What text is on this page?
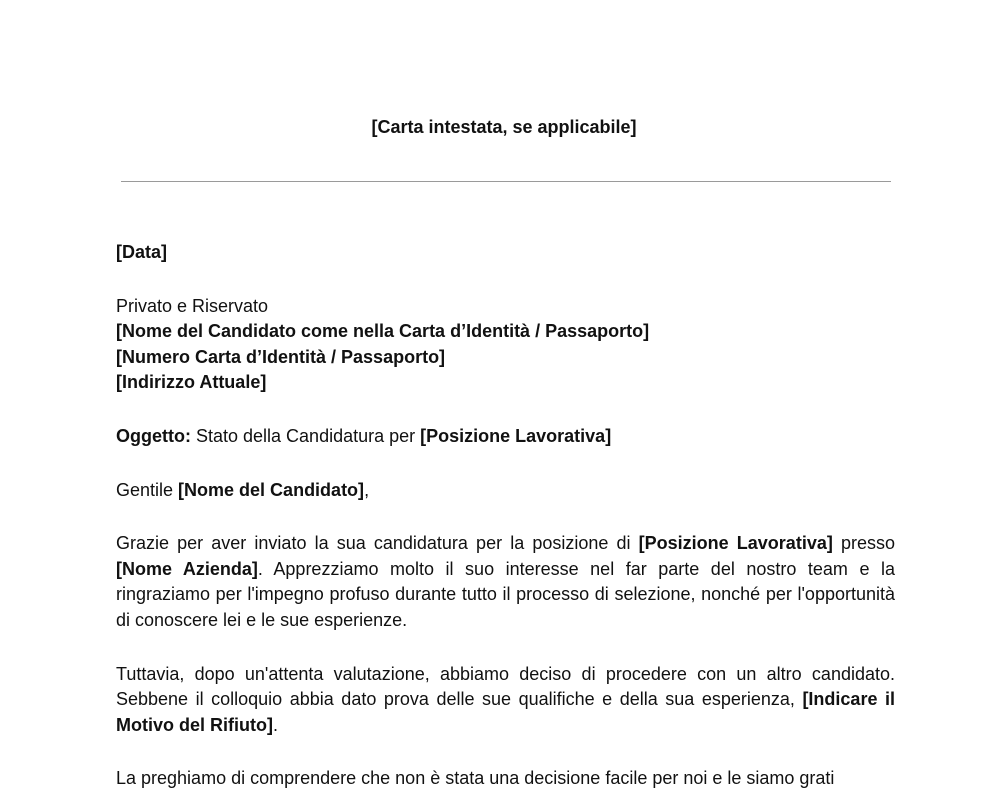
[Carta intestata, se applicabile]

[Data]

Privato e Riservato

[Nome del Candidato come nella Carta d’Identità / Passaporto]

[Numero Carta d’Identità / Passaporto]

[Indirizzo Attuale]

Oggetto: Stato della Candidatura per [Posizione Lavorativa]

Gentile [Nome del Candidato],

Grazie per aver inviato la sua candidatura per la posizione di [Posizione Lavorativa] presso [Nome Azienda]. Apprezziamo molto il suo interesse nel far parte del nostro team e la ringraziamo per l'impegno profuso durante tutto il processo di selezione, nonché per l'opportunità di conoscere lei e le sue esperienze.

Tuttavia, dopo un'attenta valutazione, abbiamo deciso di procedere con un altro candidato. Sebbene il colloquio abbia dato prova delle sue qualifiche e della sua esperienza, [Indicare il Motivo del Rifiuto].

La preghiamo di comprendere che non è stata una decisione facile per noi e le siamo grati
